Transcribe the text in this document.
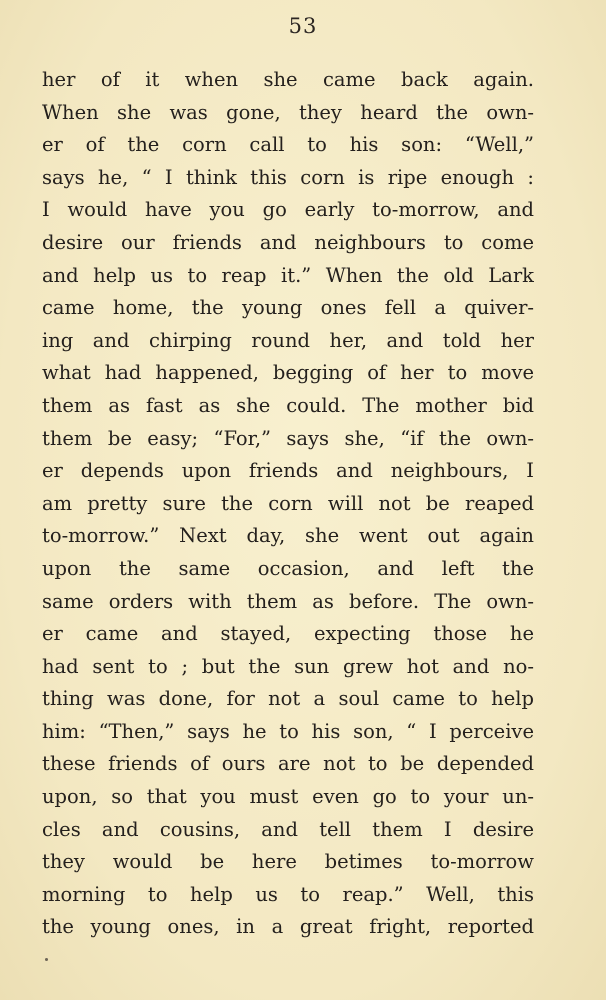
53
her of it when she came back again.
When she was gone, they heard the own-
er of the corn call to his son: “Well,”
says he, “ I think this corn is ripe enough :
I would have you go early to-morrow, and
desire our friends and neighbours to come
and help us to reap it.” When the old Lark
came home, the young ones fell a quiver-
ing and chirping round her, and told her
what had happened, begging of her to move
them as fast as she could. The mother bid
them be easy; “For,” says she, “if the own-
er depends upon friends and neighbours, I
am pretty sure the corn will not be reaped
to-morrow.” Next day, she went out again
upon the same occasion, and left the
same orders with them as before. The own-
er came and stayed, expecting those he
had sent to ; but the sun grew hot and no-
thing was done, for not a soul came to help
him: “Then,” says he to his son, “ I perceive
these friends of ours are not to be depended
upon, so that you must even go to your un-
cles and cousins, and tell them I desire
they would be here betimes to-morrow
morning to help us to reap.” Well, this
the young ones, in a great fright, reported
